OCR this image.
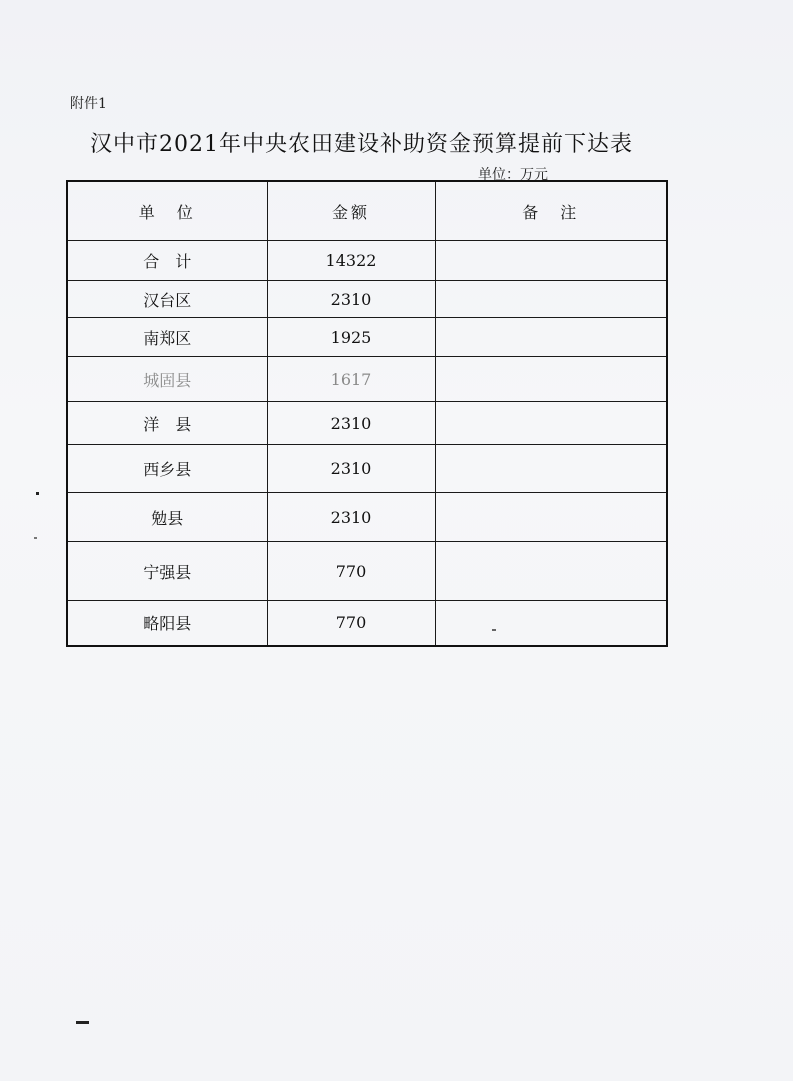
附件1
汉中市2021年中央农田建设补助资金预算提前下达表
单位：万元
单　位	金额	备　注
合　计	14322	
汉台区	2310	
南郑区	1925	
城固县	1617	
洋　县	2310	
西乡县	2310	
勉县	2310	
宁强县	770	
略阳县	770	
